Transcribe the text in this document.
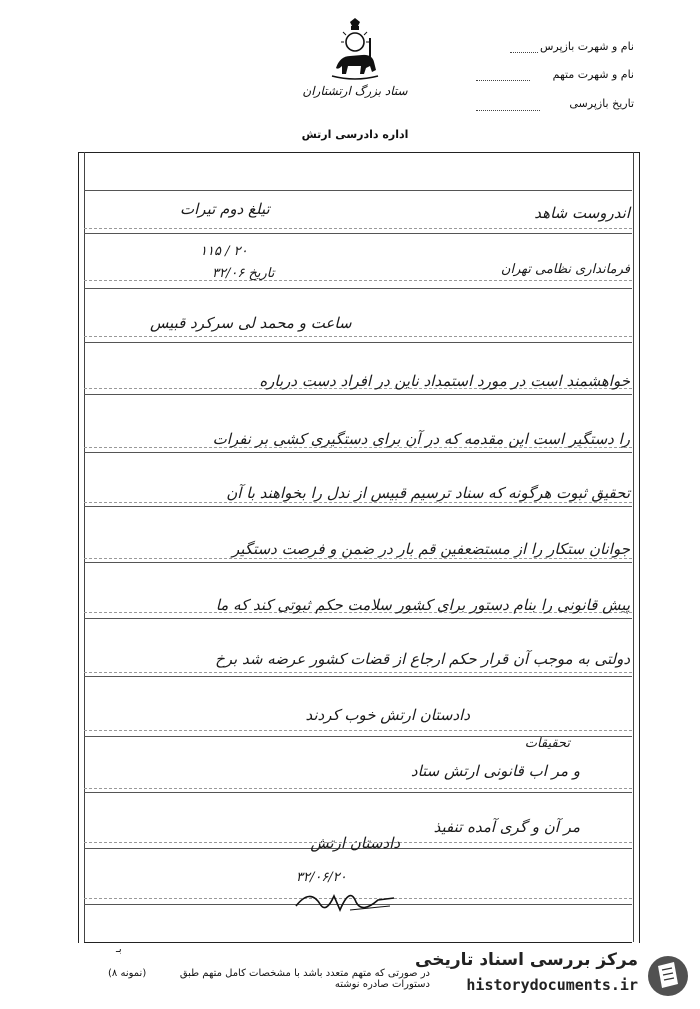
ستاد بزرگ ارتشتاران
نام و شهرت بازپرس
نام و شهرت متهم
تاریخ بازپرسی
اداره دادرسی ارتش
اندروست شاهد
تیلغ دوم تیرات
۱۱۵ / ۲۰
تاریخ ۳۲/۰۶	فرمانداری نظامی تهران
ساعت و محمد لی سرکرد قبیس
خواهشمند است در مورد استمداد ناین در افراد دست درباره
را دستگیر است این مقدمه که در آن برای دستگیری کشی بر نفرات
تحقیق ثبوت هرگونه که سناد ترسیم قبیس از ندل را بخواهند با آن
جوانان ستکار را از مستضعفین قم بار در ضمن و فرصت دستگیر
پیش قانونی را بنام دستور برای کشور سلامت حکم ثبوتی کند که ما
دولتی به موجب آن قرار حکم ارجاع از قضات کشور عرضه شد برخ
دادستان ارتش خوب کردند
تحقیقات
و مر اب قانونی ارتش ستاد
مر آن و گری آمده تنفیذ
دادستان ارتش
۳۲/۰۶/۲۰
بـ
(نمونه ۸)	در صورتی که متهم متعدد باشد با مشخصات کامل متهم طبق دستورات صادره نوشته
مرکز بررسی اسناد تاریخی
historydocuments.ir
